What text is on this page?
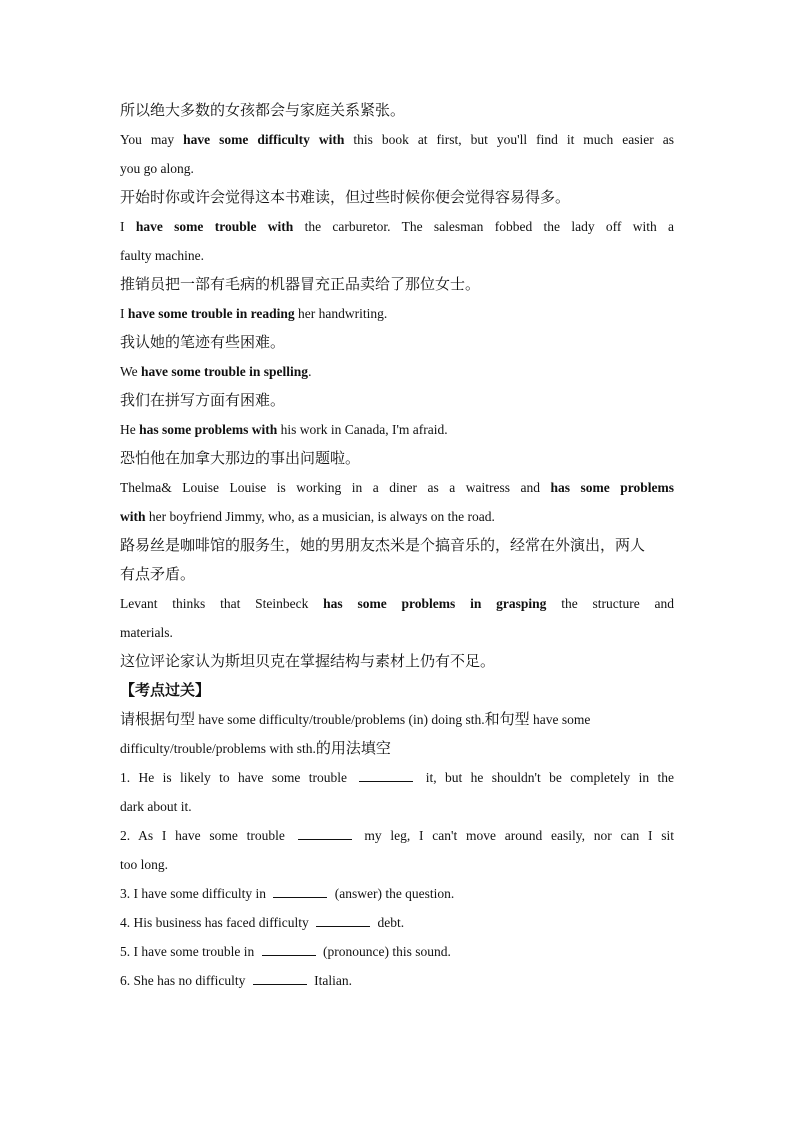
所以绝大多数的女孩都会与家庭关系紧张。
You may have some difficulty with this book at first, but you'll find it much easier as
you go along.
开始时你或许会觉得这本书难读，但过些时候你便会觉得容易得多。
I have some trouble with the carburetor. The salesman fobbed the lady off with a
faulty machine.
推销员把一部有毛病的机器冒充正品卖给了那位女士。
I have some trouble in reading her handwriting.
我认她的笔迹有些困难。
We have some trouble in spelling.
我们在拼写方面有困难。
He has some problems with his work in Canada, I'm afraid.
恐怕他在加拿大那边的事出问题啦。
Thelma& Louise Louise is working in a diner as a waitress and has some problems
with her boyfriend Jimmy, who, as a musician, is always on the road.
路易丝是咖啡馆的服务生，她的男朋友杰米是个搞音乐的，经常在外演出，两人
有点矛盾。
Levant thinks that Steinbeck has some problems in grasping the structure and
materials.
这位评论家认为斯坦贝克在掌握结构与素材上仍有不足。
【考点过关】
请根据句型 have some difficulty/trouble/problems (in) doing sth.和句型 have some
difficulty/trouble/problems with sth.的用法填空
1. He is likely to have some trouble	it, but he shouldn't be completely in the
dark about it.
2. As I have some trouble	my leg, I can't move around easily, nor can I sit
too long.
3. I have some difficulty in	(answer) the question.
4. His business has faced difficulty	debt.
5. I have some trouble in	(pronounce) this sound.
6. She has no difficulty	Italian.
